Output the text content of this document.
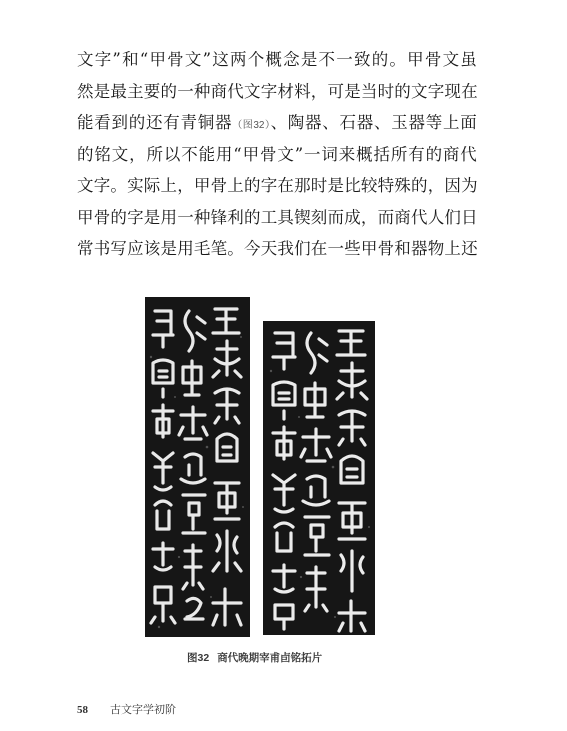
文字”和“甲骨文”这两个概念是不一致的。甲骨文虽
然是最主要的一种商代文字材料，可是当时的文字现在
能看到的还有青铜器（图32）、陶器、石器、玉器等上面
的铭文，所以不能用“甲骨文”一词来概括所有的商代
文字。实际上，甲骨上的字在那时是比较特殊的，因为
甲骨的字是用一种锋利的工具锲刻而成，而商代人们日
常书写应该是用毛笔。今天我们在一些甲骨和器物上还
图32 商代晚期宰甫卣铭拓片
58 古文字学初阶
